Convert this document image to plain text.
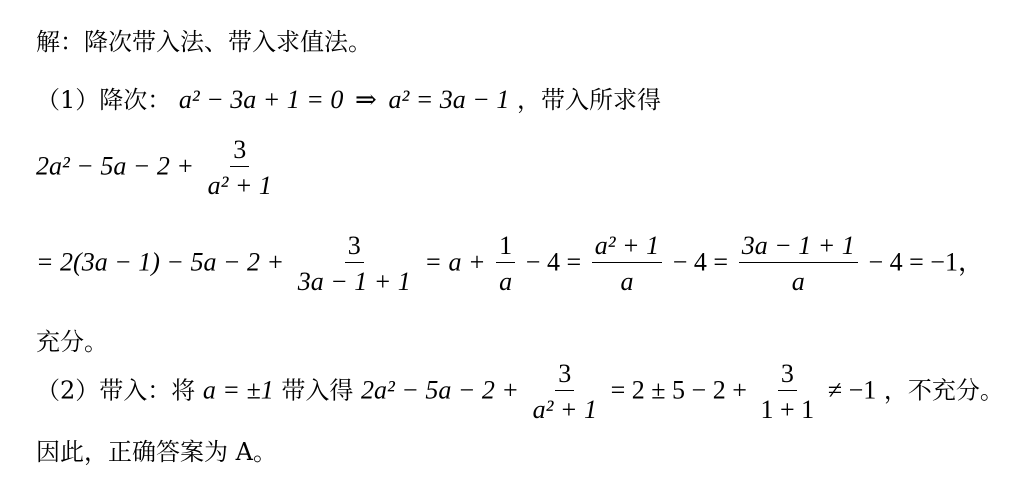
解：降次带入法、带入求值法。
（1）降次： a² − 3a + 1 = 0 ⇒ a² = 3a − 1 ，带入所求得
$2a^2 - 5a - 2 + \frac{3}{\text{a² + 1}}$
= $2(3a - 1) - 5a - 2 + \frac{3}{3a - 1 + 1} = a + \frac{1}{a} - 4 = \frac{\text{a² + 1}}{a} - 4 = \frac{3a - 1 + 1}{a} - 4 = -1$，
充分。
（2）带入：将 a = ±1 带入得 $2a^2 - 5a - 2 + \frac{3}{\text{a² + 1}} = 2 \pm 5 - 2 + \frac{3}{1 + 1} \ne -1$ ，不充分。
因此，正确答案为 A。
